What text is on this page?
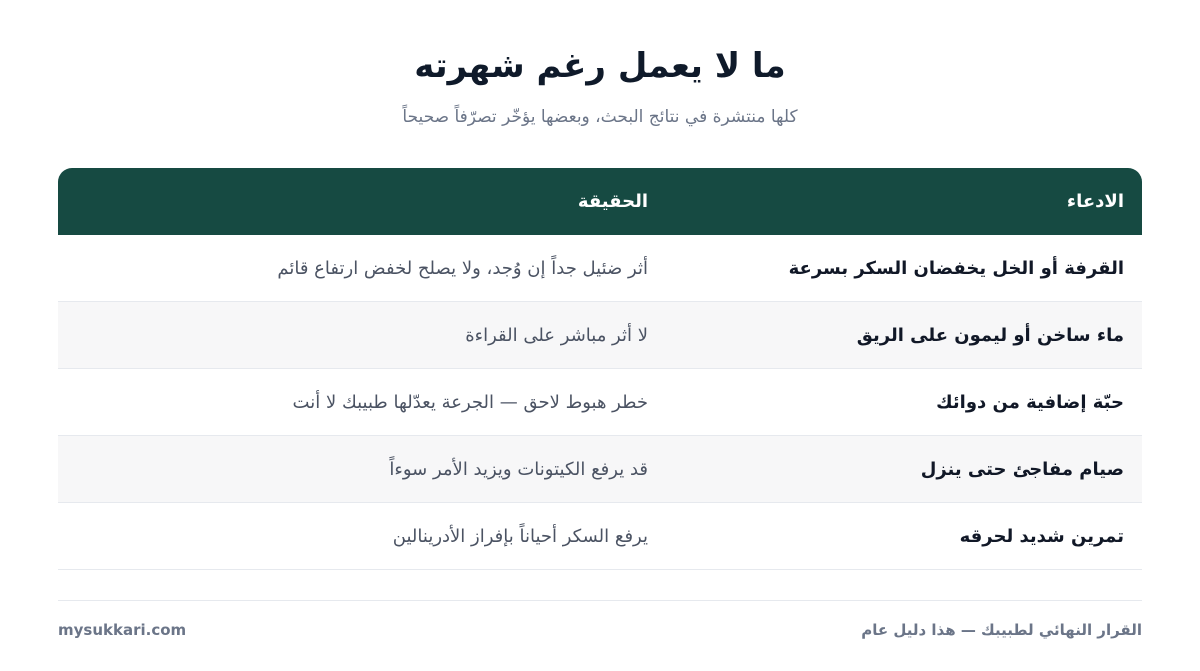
ما لا يعمل رغم شهرته

كلها منتشرة في نتائج البحث، وبعضها يؤخّر تصرّفاً صحيحاً

الادعاء
الحقيقة
القرفة أو الخل يخفضان السكر بسرعة
أثر ضئيل جداً إن وُجد، ولا يصلح لخفض ارتفاع قائم
ماء ساخن أو ليمون على الريق
لا أثر مباشر على القراءة
حبّة إضافية من دوائك
خطر هبوط لاحق — الجرعة يعدّلها طبيبك لا أنت
صيام مفاجئ حتى ينزل
قد يرفع الكيتونات ويزيد الأمر سوءاً
تمرين شديد لحرقه
يرفع السكر أحياناً بإفراز الأدرينالين
القرار النهائي لطبيبك — هذا دليل عام
mysukkari.com
